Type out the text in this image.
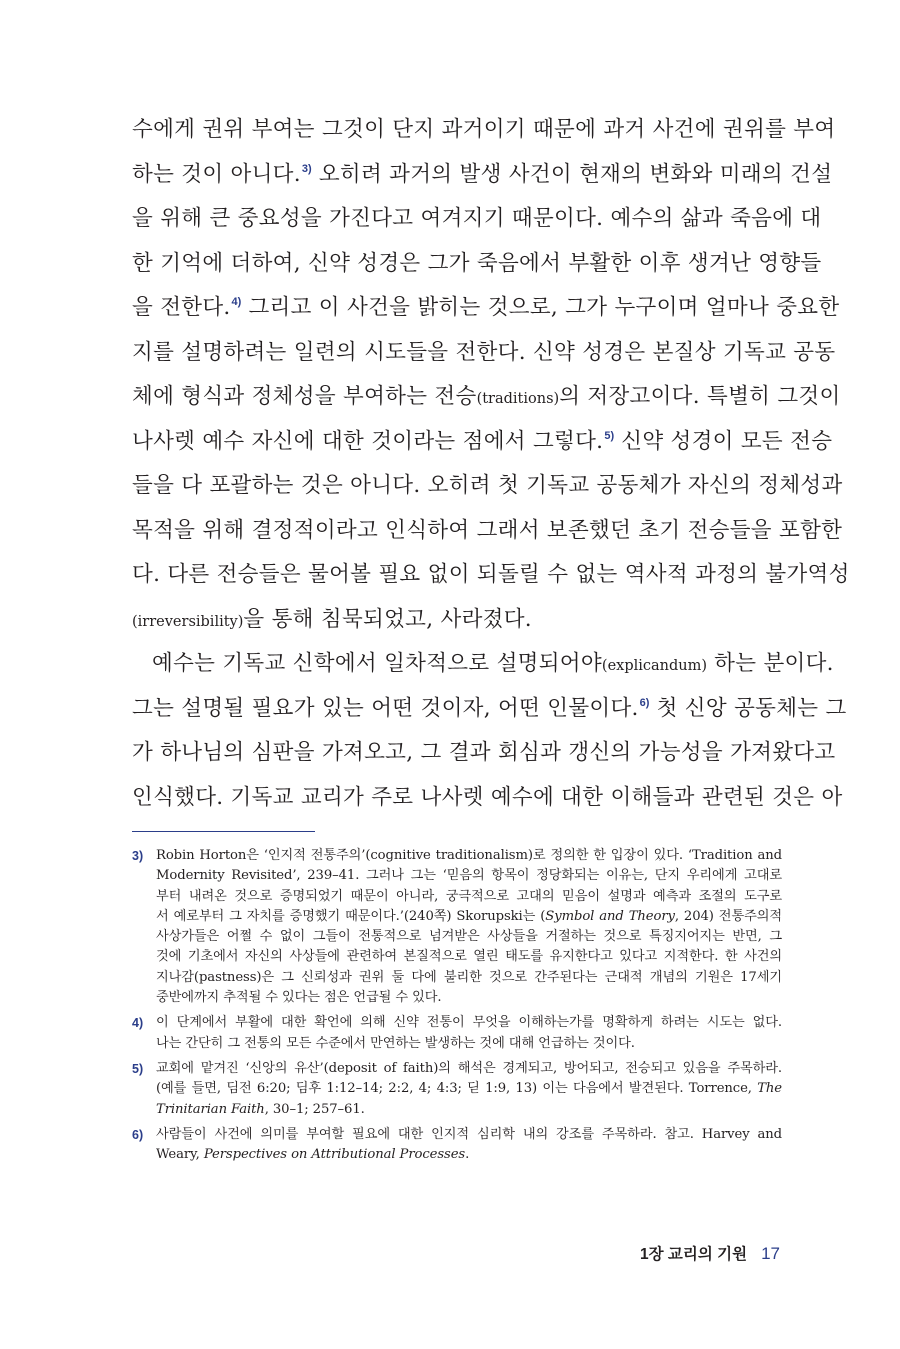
수에게 권위 부여는 그것이 단지 과거이기 때문에 과거 사건에 권위를 부여
하는 것이 아니다.$^{3)}$ 오히려 과거의 발생 사건이 현재의 변화와 미래의 건설
을 위해 큰 중요성을 가진다고 여겨지기 때문이다. 예수의 삶과 죽음에 대
한 기억에 더하여, 신약 성경은 그가 죽음에서 부활한 이후 생겨난 영향들
을 전한다.$^{4)}$ 그리고 이 사건을 밝히는 것으로, 그가 누구이며 얼마나 중요한
지를 설명하려는 일련의 시도들을 전한다. 신약 성경은 본질상 기독교 공동
체에 형식과 정체성을 부여하는 전승(traditions)의 저장고이다. 특별히 그것이
나사렛 예수 자신에 대한 것이라는 점에서 그렇다.$^{5)}$ 신약 성경이 모든 전승
들을 다 포괄하는 것은 아니다. 오히려 첫 기독교 공동체가 자신의 정체성과
목적을 위해 결정적이라고 인식하여 그래서 보존했던 초기 전승들을 포함한
다. 다른 전승들은 물어볼 필요 없이 되돌릴 수 없는 역사적 과정의 불가역성
(irreversibility)을 통해 침묵되었고, 사라졌다.
예수는 기독교 신학에서 일차적으로 설명되어야(explicandum) 하는 분이다.
그는 설명될 필요가 있는 어떤 것이자, 어떤 인물이다.$^{6)}$ 첫 신앙 공동체는 그
가 하나님의 심판을 가져오고, 그 결과 회심과 갱신의 가능성을 가져왔다고
인식했다. 기독교 교리가 주로 나사렛 예수에 대한 이해들과 관련된 것은 아
3) Robin Horton은 ‘인지적 전통주의’(cognitive traditionalism)로 정의한 한 입장이 있다. ‘Tradition and
Modernity Revisited’, 239–41. 그러나 그는 ‘믿음의 항목이 정당화되는 이유는, 단지 우리에게 고대로
부터 내려온 것으로 증명되었기 때문이 아니라, 궁극적으로 고대의 믿음이 설명과 예측과 조절의 도구로
서 예로부터 그 자치를 증명했기 때문이다.’(240쪽) Skorupski는 (Symbol and Theory, 204) 전통주의적
사상가들은 어쩔 수 없이 그들이 전통적으로 넘겨받은 사상들을 거절하는 것으로 특징지어지는 반면, 그
것에 기초에서 자신의 사상들에 관련하여 본질적으로 열린 태도를 유지한다고 있다고 지적한다. 한 사건의
지나감(pastness)은 그 신뢰성과 권위 둘 다에 불리한 것으로 간주된다는 근대적 개념의 기원은 17세기
중반에까지 추적될 수 있다는 점은 언급될 수 있다.
4) 이 단계에서 부활에 대한 확언에 의해 신약 전통이 무엇을 이해하는가를 명확하게 하려는 시도는 없다.
나는 간단히 그 전통의 모든 수준에서 만연하는 발생하는 것에 대해 언급하는 것이다.
5) 교회에 맡겨진 ‘신앙의 유산’(deposit of faith)의 해석은 경계되고, 방어되고, 전승되고 있음을 주목하라.
(예를 들면, 딤전 6:20; 딤후 1:12–14; 2:2, 4; 4:3; 딛 1:9, 13) 이는 다음에서 발견된다. Torrence, The
Trinitarian Faith, 30–1; 257–61.
6) 사람들이 사건에 의미를 부여할 필요에 대한 인지적 심리학 내의 강조를 주목하라. 참고. Harvey and
Weary, Perspectives on Attributional Processes.
1장 교리의 기원 17
